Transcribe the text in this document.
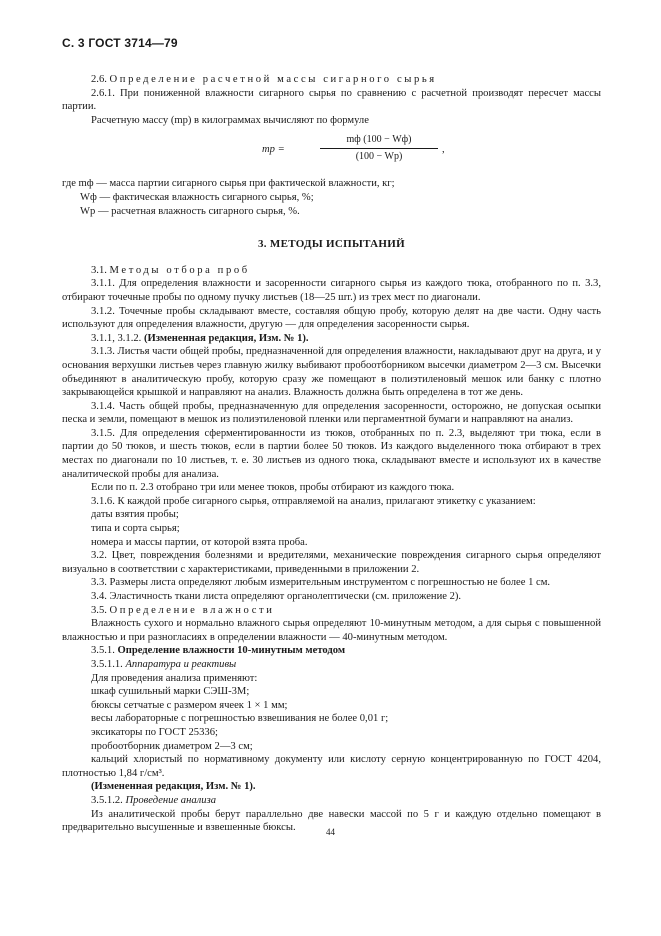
С. 3 ГОСТ 3714—79

2.6. Определение расчетной массы сигарного сырья

2.6.1. При пониженной влажности сигарного сырья по сравнению с расчетной производят пересчет массы партии.

Расчетную массу (mр) в килограммах вычисляют по формуле

mр =
mф (100 − Wф)
(100 − Wр)
,
где mф — масса партии сигарного сырья при фактической влажности, кг;
Wф — фактическая влажность сигарного сырья, %;
Wр — расчетная влажность сигарного сырья, %.
3. МЕТОДЫ ИСПЫТАНИЙ

3.1. Методы отбора проб

3.1.1. Для определения влажности и засоренности сигарного сырья из каждого тюка, отобранного по п. 3.3, отбирают точечные пробы по одному пучку листьев (18—25 шт.) из трех мест по диагонали.

3.1.2. Точечные пробы складывают вместе, составляя общую пробу, которую делят на две части. Одну часть используют для определения влажности, другую — для определения засоренности сырья.

3.1.1, 3.1.2. (Измененная редакция, Изм. № 1).

3.1.3. Листья части общей пробы, предназначенной для определения влажности, накладывают друг на друга, и у основания верхушки листьев через главную жилку выбивают пробоотборником высечки диаметром 2—3 см. Высечки объединяют в аналитическую пробу, которую сразу же помещают в полиэтиленовый мешок или банку с плотно закрывающейся крышкой и направляют на анализ. Влажность должна быть определена в тот же день.

3.1.4. Часть общей пробы, предназначенную для определения засоренности, осторожно, не допуская осыпки песка и земли, помещают в мешок из полиэтиленовой пленки или пергаментной бумаги и направляют на анализ.

3.1.5. Для определения сферментированности из тюков, отобранных по п. 2.3, выделяют три тюка, если в партии до 50 тюков, и шесть тюков, если в партии более 50 тюков. Из каждого выделенного тюка отбирают в трех местах по диагонали по 10 листьев, т. е. 30 листьев из одного тюка, складывают вместе и используют их в качестве аналитической пробы для анализа.

Если по п. 2.3 отобрано три или менее тюков, пробы отбирают из каждого тюка.

3.1.6. К каждой пробе сигарного сырья, отправляемой на анализ, прилагают этикетку с указанием:

даты взятия пробы;

типа и сорта сырья;

номера и массы партии, от которой взята проба.

3.2. Цвет, повреждения болезнями и вредителями, механические повреждения сигарного сырья определяют визуально в соответствии с характеристиками, приведенными в приложении 2.

3.3. Размеры листа определяют любым измерительным инструментом с погрешностью не более 1 см.

3.4. Эластичность ткани листа определяют органолептически (см. приложение 2).

3.5. Определение влажности

Влажность сухого и нормально влажного сырья определяют 10-минутным методом, а для сырья с повышенной влажностью и при разногласиях в определении влажности — 40-минутным методом.

3.5.1. Определение влажности 10-минутным методом

3.5.1.1. Аппаратура и реактивы

Для проведения анализа применяют:

шкаф сушильный марки СЭШ-3М;

бюксы сетчатые с размером ячеек 1 × 1 мм;

весы лабораторные с погрешностью взвешивания не более 0,01 г;

эксикаторы по ГОСТ 25336;

пробоотборник диаметром 2—3 см;

кальций хлористый по нормативному документу или кислоту серную концентрированную по ГОСТ 4204, плотностью 1,84 г/см³.

(Измененная редакция, Изм. № 1).

3.5.1.2. Проведение анализа

Из аналитической пробы берут параллельно две навески массой по 5 г и каждую отдельно помещают в предварительно высушенные и взвешенные бюксы.	44
